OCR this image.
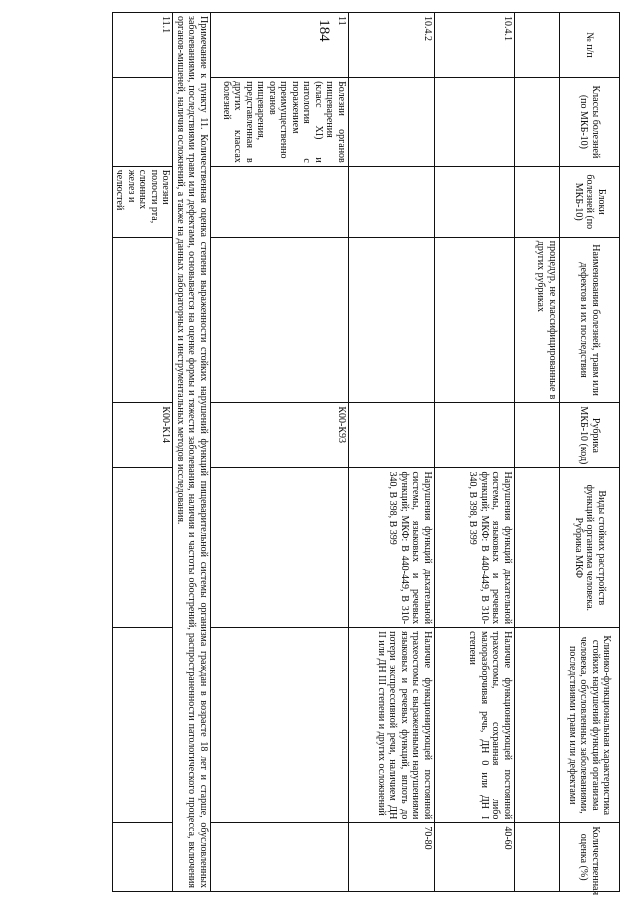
184
№ п/п	Классы болезней (по МКБ-10)	Блоки болезней (по МКБ-10)	Наименования болезней, травм или дефектов и их последствия	Рубрика МКБ-10 (код)	Виды стойких расстройств функций организма человека. Рубрика МКФ	Клинико-функциональная характеристика стойких нарушений функций организма человека, обусловленных заболеваниями, последствиями травм или дефектами	Количественная оценка (%)
			процедур, не классифицированные в других рубриках				
10.4.1					Нарушения функций дыхательной системы, языковых и речевых функций; МКФ: В 440-449, В 310-340, В 398, В 399	Наличие функционирующей постоянной трахеостомы, сохранная либо малоразборчивая речь, ДН 0 или ДН I степени	40-60
10.4.2					Нарушения функций дыхательной системы, языковых и речевых функций; МКФ: В 440-449, В 310-340, В 398, В 399	Наличие функционирующей постоянной трахеостомы с выраженными нарушениями языковых и речевых функций, вплоть до потери экспрессивной речи, наличием ДН II или ДН III степени и других осложнений	70-80
11	Болезни органов пищеварения (класс XI) и патология с поражением преимущественно органов пищеварения, представленная в других классах болезней			К00-К93			
Примечание к пункту 11. Количественная оценка степени выраженности стойких нарушений функций пищеварительной системы организма граждан в возрасте 18 лет и старше, обусловленных заболеваниями, последствиями травм или дефектами, основывается на оценке формы и тяжести заболевания, наличия и частоты обострений, распространенности патологического процесса, включения органов-мишеней, наличия осложнений, а также на данных лабораторных и инструментальных методов исследования.							
11.1		Болезни полости рта, слюнных желез и челюстей		К00-К14			
